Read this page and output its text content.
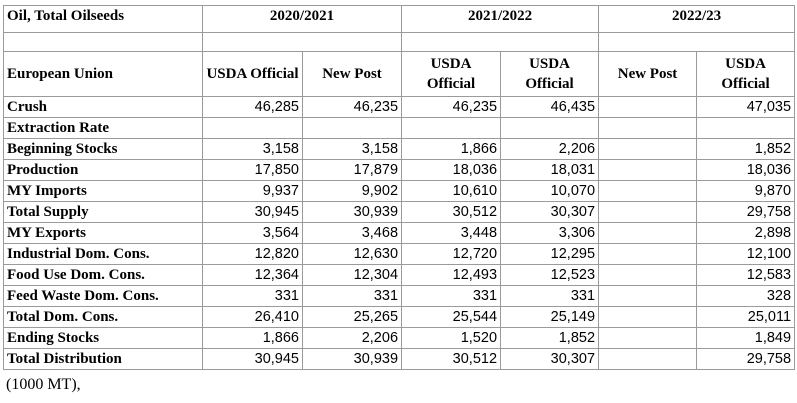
Oil, Total Oilseeds	2020/2021		2021/2022		2022/23	

European Union	USDA Official	New Post	USDA Official	USDA Official	New Post	USDA Official
Crush	46,285	46,235	46,235	46,435		47,035
Extraction Rate						
Beginning Stocks	3,158	3,158	1,866	2,206		1,852
Production	17,850	17,879	18,036	18,031		18,036
MY Imports	9,937	9,902	10,610	10,070		9,870
Total Supply	30,945	30,939	30,512	30,307		29,758
MY Exports	3,564	3,468	3,448	3,306		2,898
Industrial Dom. Cons.	12,820	12,630	12,720	12,295		12,100
Food Use Dom. Cons.	12,364	12,304	12,493	12,523		12,583
Feed Waste Dom. Cons.	331	331	331	331		328
Total Dom. Cons.	26,410	25,265	25,544	25,149		25,011
Ending Stocks	1,866	2,206	1,520	1,852		1,849
Total Distribution	30,945	30,939	30,512	30,307		29,758
(1000 MT),
